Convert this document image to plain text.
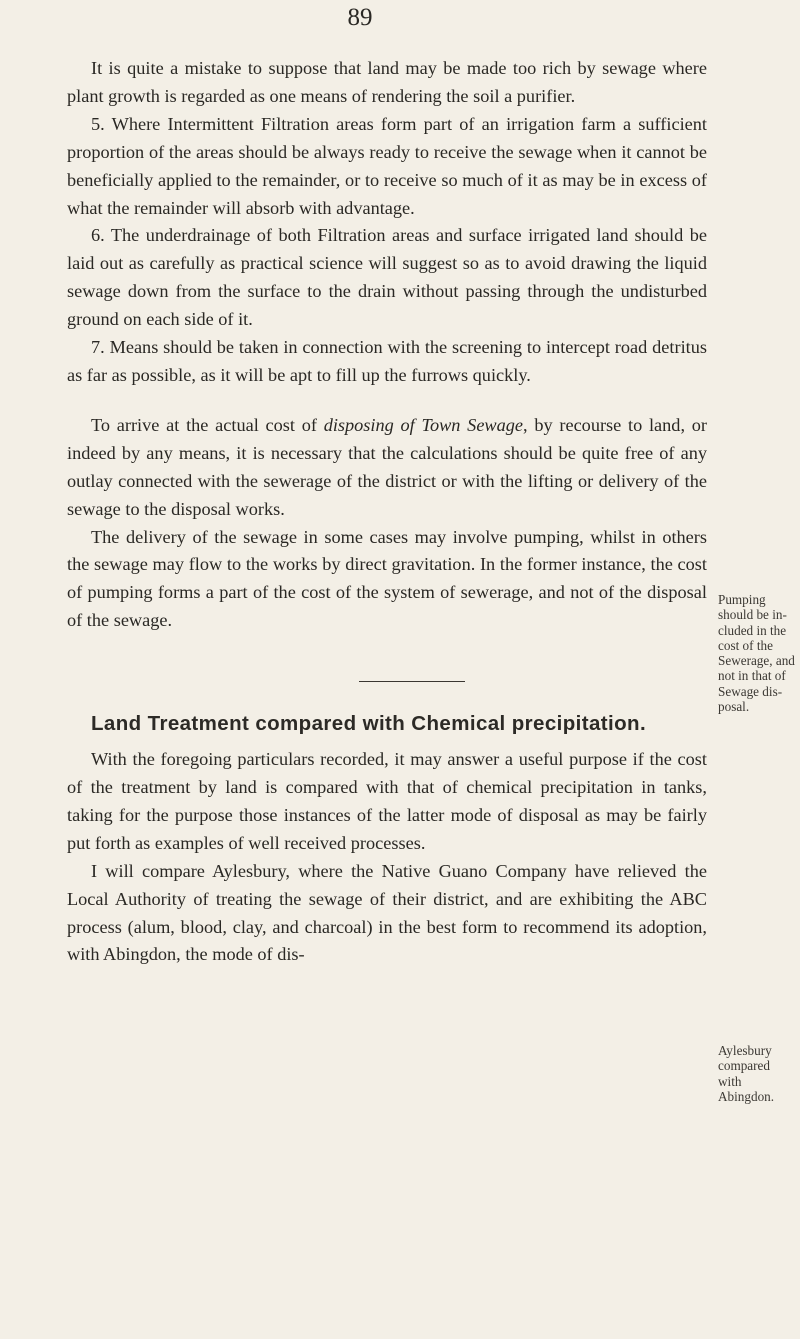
89

It is quite a mistake to suppose that land may be made too rich by sewage where plant growth is regarded as one means of rendering the soil a purifier.

5. Where Intermittent Filtration areas form part of an irrigation farm a sufficient proportion of the areas should be always ready to receive the sewage when it cannot be beneficially applied to the remainder, or to receive so much of it as may be in excess of what the remainder will absorb with advantage.

6. The underdrainage of both Filtration areas and surface irrigated land should be laid out as carefully as practical science will suggest so as to avoid drawing the liquid sewage down from the surface to the drain without passing through the undisturbed ground on each side of it.

7. Means should be taken in connection with the screening to intercept road detritus as far as possible, as it will be apt to fill up the furrows quickly.

To arrive at the actual cost of disposing of Town Sewage, by recourse to land, or indeed by any means, it is necessary that the calculations should be quite free of any outlay connected with the sewerage of the district or with the lifting or delivery of the sewage to the disposal works.

The delivery of the sewage in some cases may involve pumping, whilst in others the sewage may flow to the works by direct gravitation. In the former instance, the cost of pumping forms a part of the cost of the system of sewerage, and not of the disposal of the sewage.

Land Treatment compared with Chemical precipitation.

With the foregoing particulars recorded, it may answer a useful purpose if the cost of the treatment by land is compared with that of chemical precipitation in tanks, taking for the purpose those instances of the latter mode of disposal as may be fairly put forth as examples of well received processes.

I will compare Aylesbury, where the Native Guano Company have relieved the Local Authority of treating the sewage of their district, and are exhibiting the ABC process (alum, blood, clay, and charcoal) in the best form to recommend its adoption, with Abingdon, the mode of dis-

Pumping
should be in-
cluded in the
cost of the
Sewerage, and
not in that of
Sewage dis-
posal.
Aylesbury
compared
with
Abingdon.
